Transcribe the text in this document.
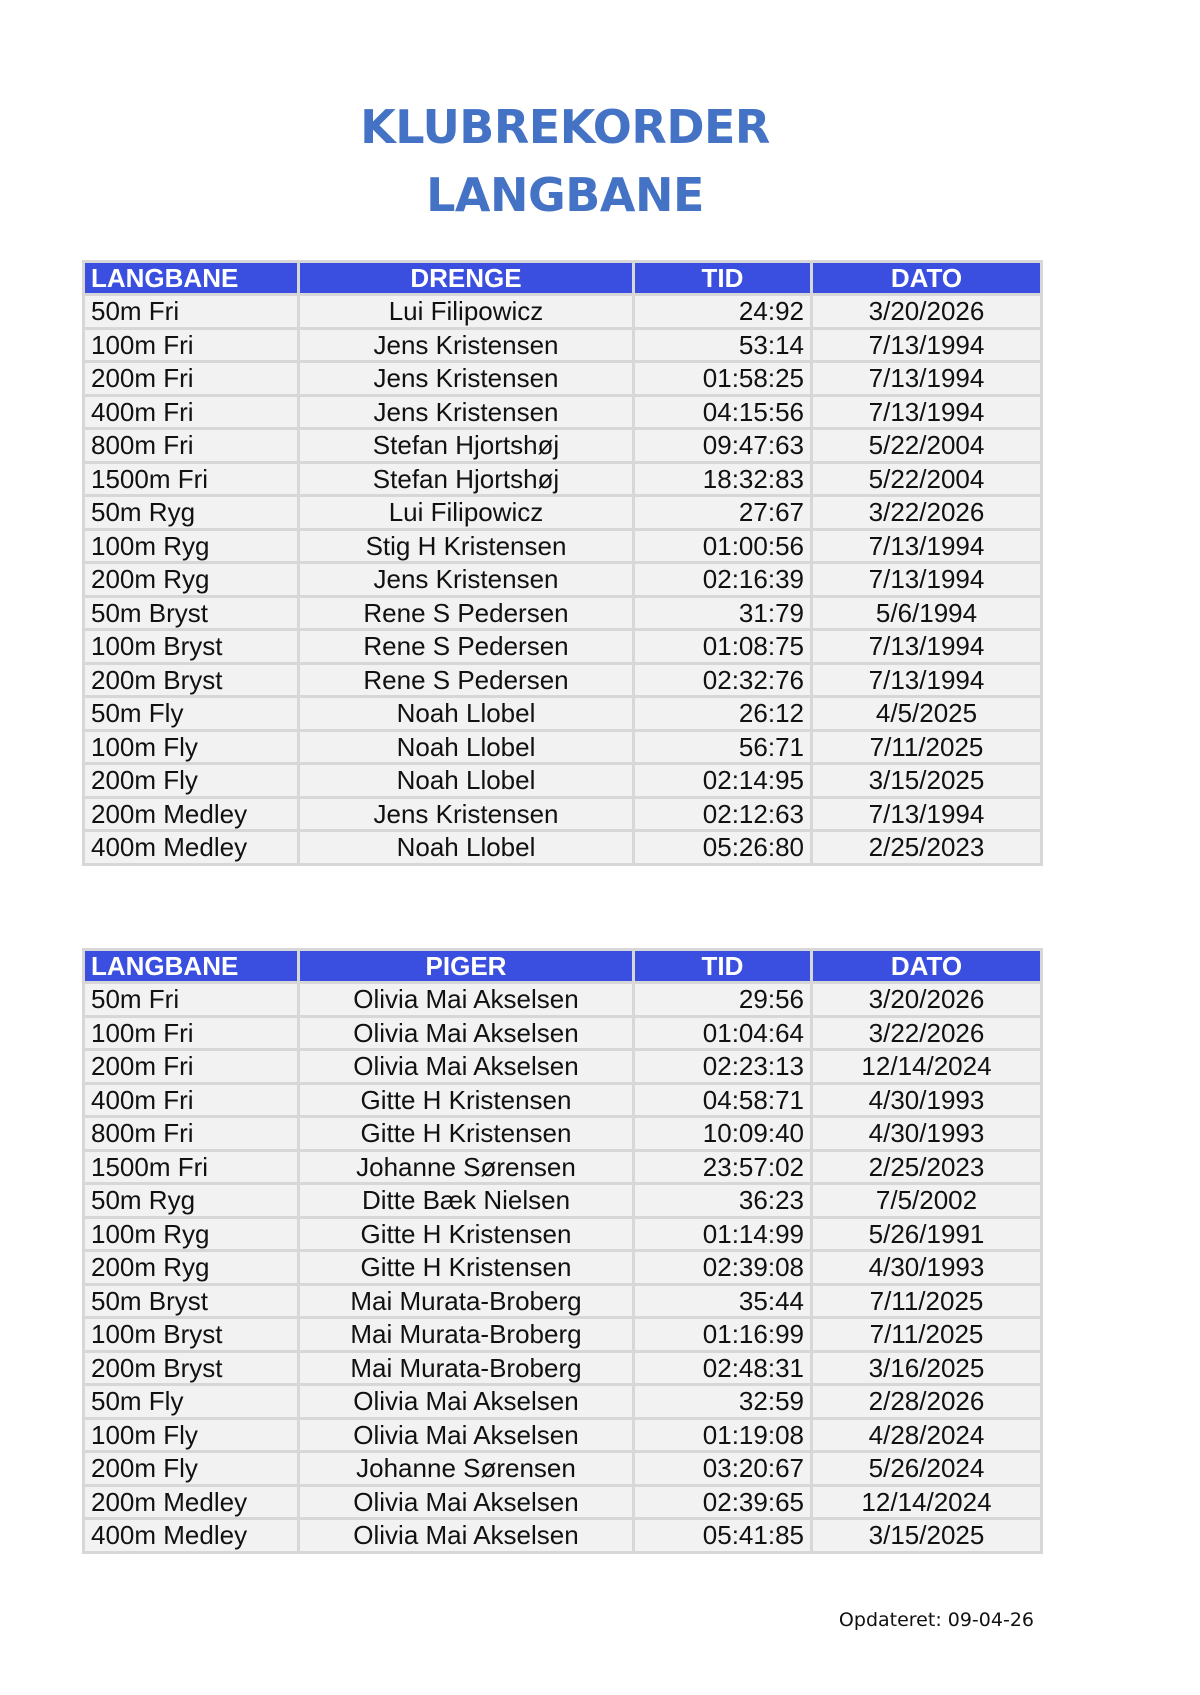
KLUBREKORDER
LANGBANE
LANGBANE	DRENGE	TID	DATO
50m Fri	Lui Filipowicz	24:92	3/20/2026
100m Fri	Jens Kristensen	53:14	7/13/1994
200m Fri	Jens Kristensen	01:58:25	7/13/1994
400m Fri	Jens Kristensen	04:15:56	7/13/1994
800m Fri	Stefan Hjortshøj	09:47:63	5/22/2004
1500m Fri	Stefan Hjortshøj	18:32:83	5/22/2004
50m Ryg	Lui Filipowicz	27:67	3/22/2026
100m Ryg	Stig H Kristensen	01:00:56	7/13/1994
200m Ryg	Jens Kristensen	02:16:39	7/13/1994
50m Bryst	Rene S Pedersen	31:79	5/6/1994
100m Bryst	Rene S Pedersen	01:08:75	7/13/1994
200m Bryst	Rene S Pedersen	02:32:76	7/13/1994
50m Fly	Noah Llobel	26:12	4/5/2025
100m Fly	Noah Llobel	56:71	7/11/2025
200m Fly	Noah Llobel	02:14:95	3/15/2025
200m Medley	Jens Kristensen	02:12:63	7/13/1994
400m Medley	Noah Llobel	05:26:80	2/25/2023
LANGBANE	PIGER	TID	DATO
50m Fri	Olivia Mai Akselsen	29:56	3/20/2026
100m Fri	Olivia Mai Akselsen	01:04:64	3/22/2026
200m Fri	Olivia Mai Akselsen	02:23:13	12/14/2024
400m Fri	Gitte H Kristensen	04:58:71	4/30/1993
800m Fri	Gitte H Kristensen	10:09:40	4/30/1993
1500m Fri	Johanne Sørensen	23:57:02	2/25/2023
50m Ryg	Ditte Bæk Nielsen	36:23	7/5/2002
100m Ryg	Gitte H Kristensen	01:14:99	5/26/1991
200m Ryg	Gitte H Kristensen	02:39:08	4/30/1993
50m Bryst	Mai Murata-Broberg	35:44	7/11/2025
100m Bryst	Mai Murata-Broberg	01:16:99	7/11/2025
200m Bryst	Mai Murata-Broberg	02:48:31	3/16/2025
50m Fly	Olivia Mai Akselsen	32:59	2/28/2026
100m Fly	Olivia Mai Akselsen	01:19:08	4/28/2024
200m Fly	Johanne Sørensen	03:20:67	5/26/2024
200m Medley	Olivia Mai Akselsen	02:39:65	12/14/2024
400m Medley	Olivia Mai Akselsen	05:41:85	3/15/2025
Opdateret: 09-04-26
